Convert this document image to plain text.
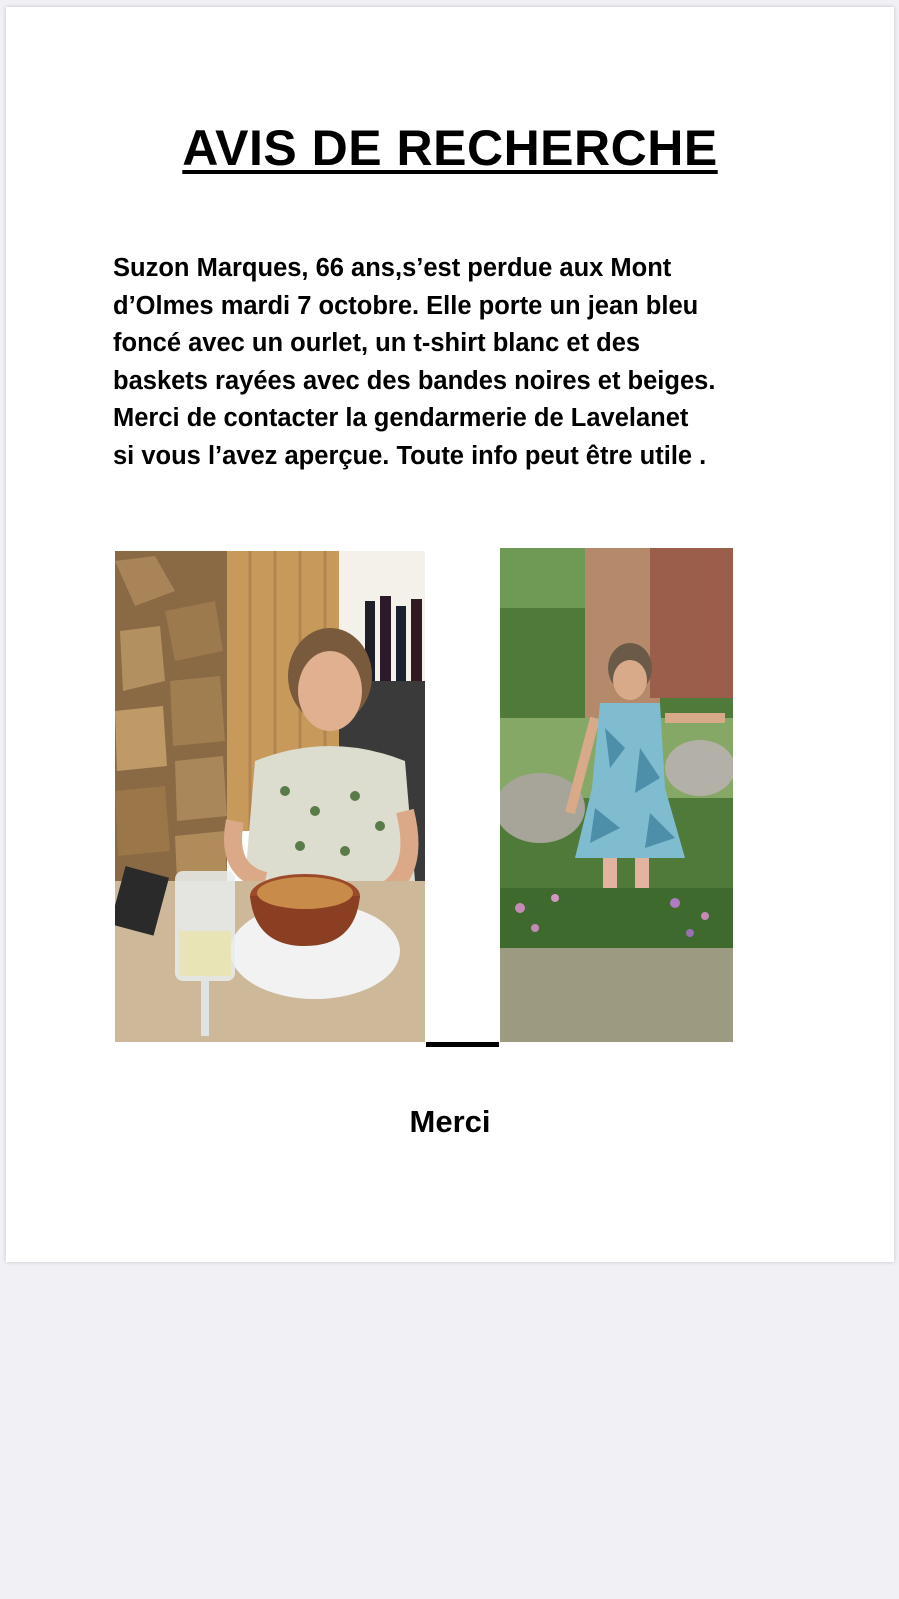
AVIS DE RECHERCHE

Suzon Marques, 66 ans,s’est perdue aux Mont
d’Olmes mardi 7 octobre. Elle porte un jean bleu
foncé avec un ourlet, un t-shirt blanc et des
baskets rayées avec des bandes noires et beiges.
Merci de contacter la gendarmerie de Lavelanet
si vous l’avez aperçue. Toute info peut être utile .

Merci
